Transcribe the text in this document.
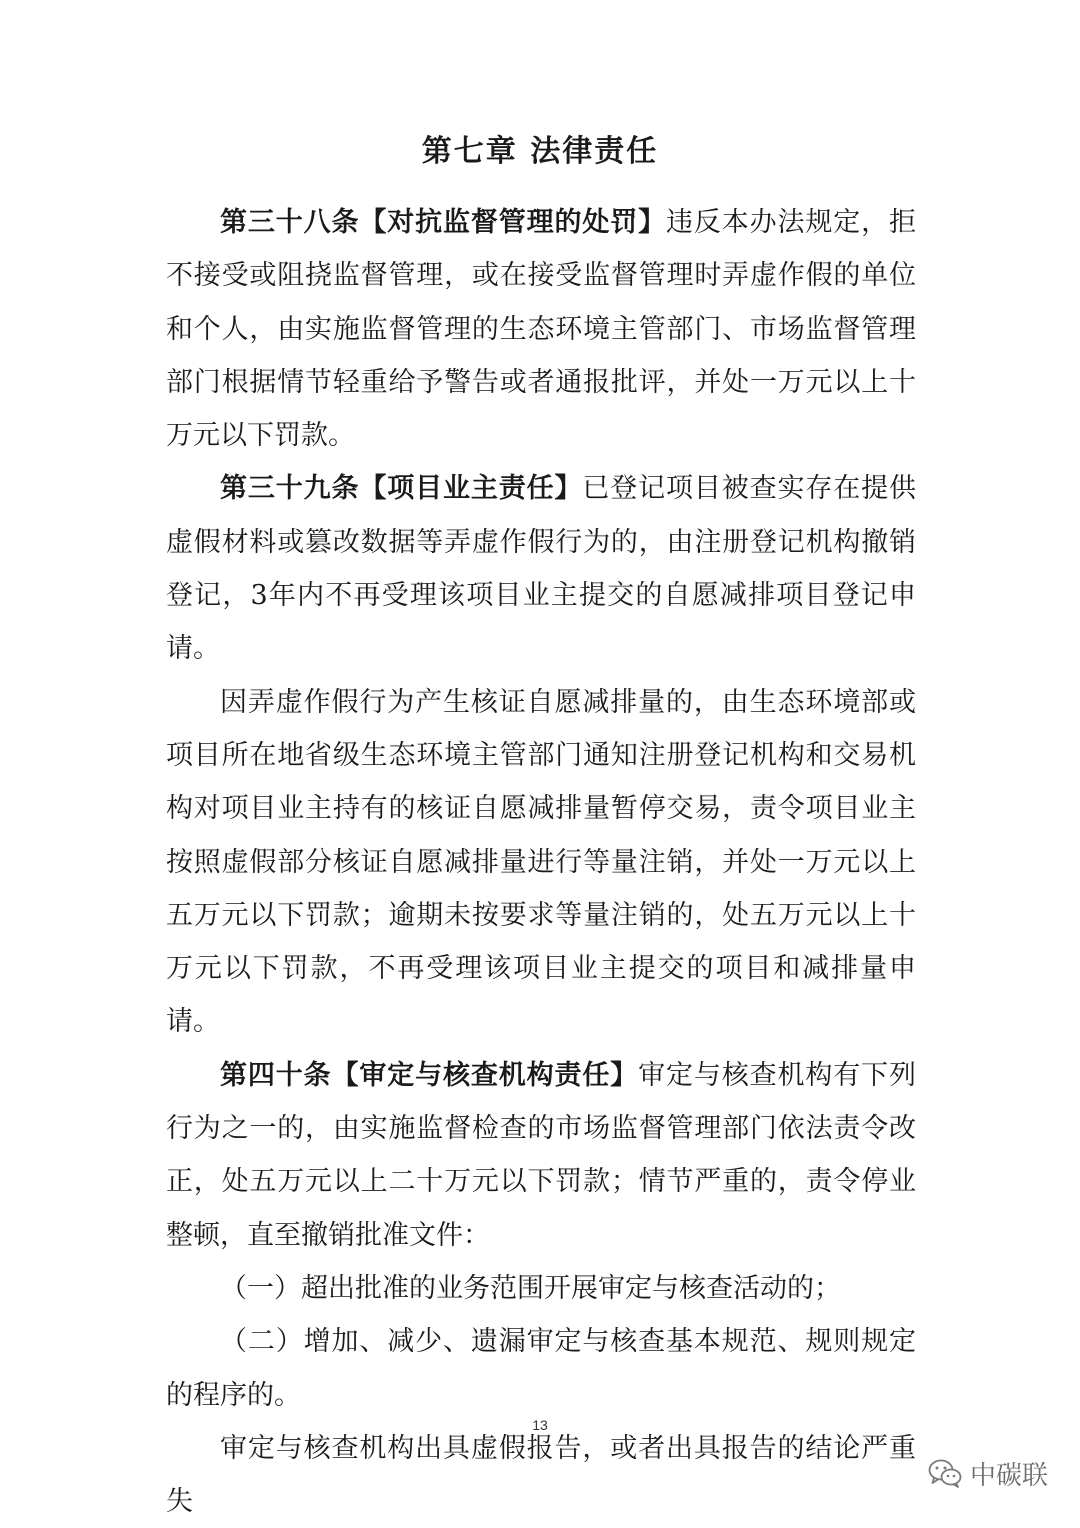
第七章 法律责任

第三十八条【对抗监督管理的处罚】违反本办法规定，拒不接受或阻挠监督管理，或在接受监督管理时弄虚作假的单位和个人，由实施监督管理的生态环境主管部门、市场监督管理部门根据情节轻重给予警告或者通报批评，并处一万元以上十万元以下罚款。

第三十九条【项目业主责任】已登记项目被查实存在提供虚假材料或篡改数据等弄虚作假行为的，由注册登记机构撤销登记，3年内不再受理该项目业主提交的自愿减排项目登记申请。

因弄虚作假行为产生核证自愿减排量的，由生态环境部或项目所在地省级生态环境主管部门通知注册登记机构和交易机构对项目业主持有的核证自愿减排量暂停交易，责令项目业主按照虚假部分核证自愿减排量进行等量注销，并处一万元以上五万元以下罚款；逾期未按要求等量注销的，处五万元以上十万元以下罚款，不再受理该项目业主提交的项目和减排量申请。

第四十条【审定与核查机构责任】审定与核查机构有下列行为之一的，由实施监督检查的市场监督管理部门依法责令改正，处五万元以上二十万元以下罚款；情节严重的，责令停业整顿，直至撤销批准文件：

（一）超出批准的业务范围开展审定与核查活动的；

（二）增加、减少、遗漏审定与核查基本规范、规则规定的程序的。

审定与核查机构出具虚假报告，或者出具报告的结论严重失

13
中碳联
